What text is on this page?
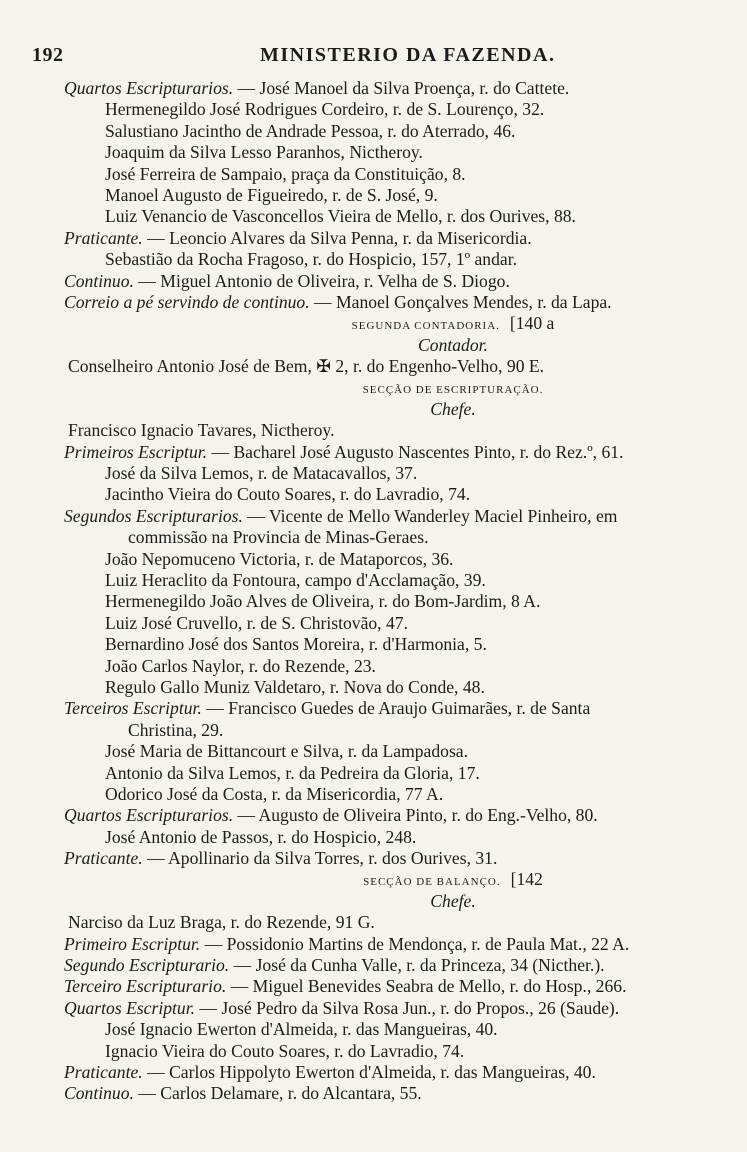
192	MINISTERIO DA FAZENDA.
Quartos Escripturarios. — José Manoel da Silva Proença, r. do Cattete.
Hermenegildo José Rodrigues Cordeiro, r. de S. Lourenço, 32.
Salustiano Jacintho de Andrade Pessoa, r. do Aterrado, 46.
Joaquim da Silva Lesso Paranhos, Nictheroy.
José Ferreira de Sampaio, praça da Constituição, 8.
Manoel Augusto de Figueiredo, r. de S. José, 9.
Luiz Venancio de Vasconcellos Vieira de Mello, r. dos Ourives, 88.
Praticante. — Leoncio Alvares da Silva Penna, r. da Misericordia.
Sebastião da Rocha Fragoso, r. do Hospicio, 157, 1º andar.
Continuo. — Miguel Antonio de Oliveira, r. Velha de S. Diogo.
Correio a pé servindo de continuo. — Manoel Gonçalves Mendes, r. da Lapa.
SEGUNDA CONTADORIA. [140 a
Contador.
Conselheiro Antonio José de Bem, ✠ 2, r. do Engenho-Velho, 90 E.
SECÇÃO DE ESCRIPTURAÇÃO.
Chefe.
Francisco Ignacio Tavares, Nictheroy.
Primeiros Escriptur. — Bacharel José Augusto Nascentes Pinto, r. do Rez.º, 61.
José da Silva Lemos, r. de Matacavallos, 37.
Jacintho Vieira do Couto Soares, r. do Lavradio, 74.
Segundos Escripturarios. — Vicente de Mello Wanderley Maciel Pinheiro, em
commissão na Provincia de Minas-Geraes.
João Nepomuceno Victoria, r. de Mataporcos, 36.
Luiz Heraclito da Fontoura, campo d'Acclamação, 39.
Hermenegildo João Alves de Oliveira, r. do Bom-Jardim, 8 A.
Luiz José Cruvello, r. de S. Christovão, 47.
Bernardino José dos Santos Moreira, r. d'Harmonia, 5.
João Carlos Naylor, r. do Rezende, 23.
Regulo Gallo Muniz Valdetaro, r. Nova do Conde, 48.
Terceiros Escriptur. — Francisco Guedes de Araujo Guimarães, r. de Santa
Christina, 29.
José Maria de Bittancourt e Silva, r. da Lampadosa.
Antonio da Silva Lemos, r. da Pedreira da Gloria, 17.
Odorico José da Costa, r. da Misericordia, 77 A.
Quartos Escripturarios. — Augusto de Oliveira Pinto, r. do Eng.-Velho, 80.
José Antonio de Passos, r. do Hospicio, 248.
Praticante. — Apollinario da Silva Torres, r. dos Ourives, 31.
SECÇÃO DE BALANÇO. [142
Chefe.
Narciso da Luz Braga, r. do Rezende, 91 G.
Primeiro Escriptur. — Possidonio Martins de Mendonça, r. de Paula Mat., 22 A.
Segundo Escripturario. — José da Cunha Valle, r. da Princeza, 34 (Nicther.).
Terceiro Escripturario. — Miguel Benevides Seabra de Mello, r. do Hosp., 266.
Quartos Escriptur. — José Pedro da Silva Rosa Jun., r. do Propos., 26 (Saude).
José Ignacio Ewerton d'Almeida, r. das Mangueiras, 40.
Ignacio Vieira do Couto Soares, r. do Lavradio, 74.
Praticante. — Carlos Hippolyto Ewerton d'Almeida, r. das Mangueiras, 40.
Continuo. — Carlos Delamare, r. do Alcantara, 55.
